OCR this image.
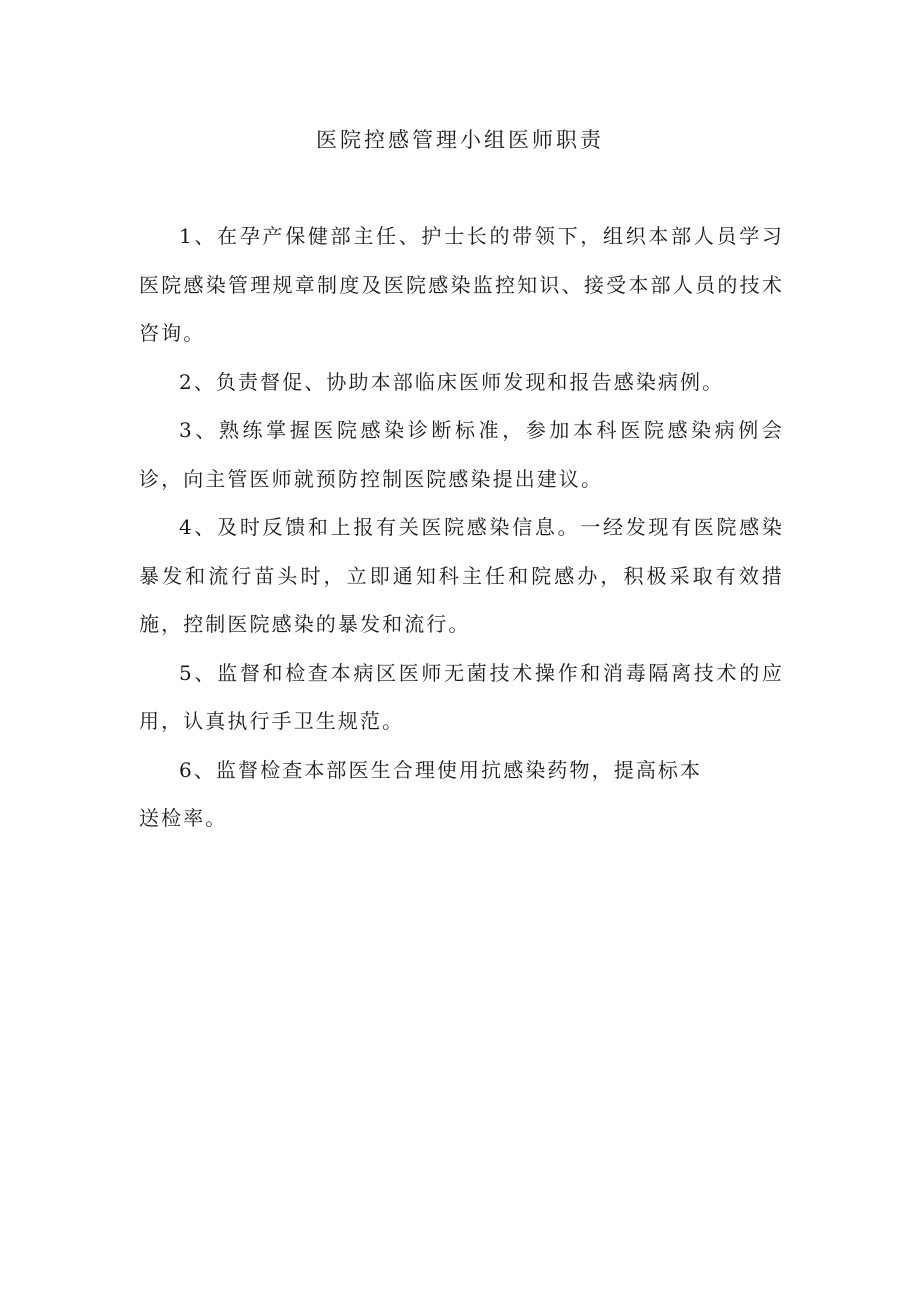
医院控感管理小组医师职责

1、在孕产保健部主任、护士长的带领下，组织本部人员学习医院感染管理规章制度及医院感染监控知识、接受本部人员的技术咨询。

2、负责督促、协助本部临床医师发现和报告感染病例。

3、熟练掌握医院感染诊断标准，参加本科医院感染病例会诊，向主管医师就预防控制医院感染提出建议。

4、及时反馈和上报有关医院感染信息。一经发现有医院感染暴发和流行苗头时，立即通知科主任和院感办，积极采取有效措施，控制医院感染的暴发和流行。

5、监督和检查本病区医师无菌技术操作和消毒隔离技术的应用，认真执行手卫生规范。

6、监督检查本部医生合理使用抗感染药物，提高标本
送检率。
